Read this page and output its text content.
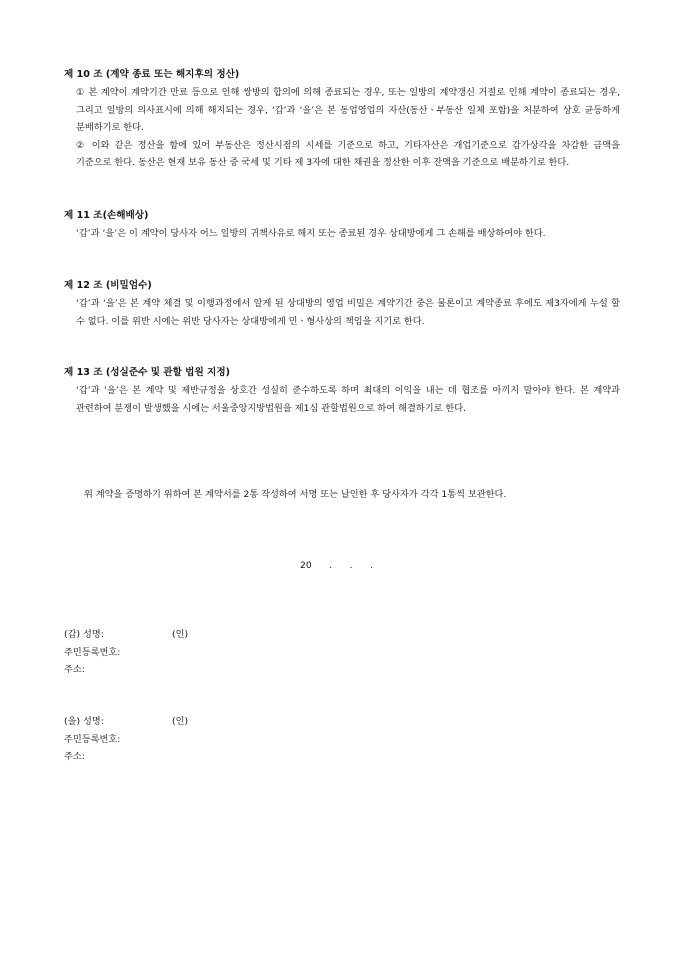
제 10 조 (계약 종료 또는 해지후의 정산)

① 본 계약이 계약기간 만료 등으로 인해 쌍방의 합의에 의해 종료되는 경우, 또는 일방의 계약갱신 거절로 인해 계약이 종료되는 경우, 그리고 일방의 의사표시에 의해 해지되는 경우, ‘갑’과 ‘을’은 본 동업영업의 자산(동산ㆍ부동산 일체 포함)을 처분하여 상호 균등하게 분배하기로 한다.

② 이와 같은 정산을 함에 있어 부동산은 정산시점의 시세를 기준으로 하고, 기타자산은 개업기준으로 감가상각을 차감한 금액을 기준으로 한다. 동산은 현재 보유 동산 중 국세 및 기타 제 3자에 대한 채권을 정산한 이후 잔액을 기준으로 배분하기로 한다.

제 11 조(손해배상)

‘갑’과 ‘을’은 이 계약이 당사자 어느 일방의 귀책사유로 해지 또는 종료된 경우 상대방에게 그 손해를 배상하여야 한다.

제 12 조 (비밀엄수)

‘갑’과 ‘을’은 본 계약 체결 및 이행과정에서 알게 된 상대방의 영업 비밀은 계약기간 중은 물론이고 계약종료 후에도 제3자에게 누설 할 수 없다. 이를 위반 시에는 위반 당사자는 상대방에게 민ㆍ형사상의 책임을 지기로 한다.

제 13 조 (성실준수 및 관할 법원 지정)

‘갑’과 ‘을’은 본 계약 및 제반규정을 상호간 성실히 준수하도록 하며 최대의 이익을 내는 데 협조를 아끼지 말아야 한다. 본 계약과 관련하여 분쟁이 발생했을 시에는 서울중앙지방법원을 제1심 관할법원으로 하여 해결하기로 한다.

위 계약을 증명하기 위하여 본 계약서를 2통 작성하여 서명 또는 날인한 후 당사자가 각각 1통씩 보관한다.
20      .      .      .
(갑) 성명:	(인)
주민등록번호:
주소:
(을) 성명:	(인)
주민등록번호:
주소:
